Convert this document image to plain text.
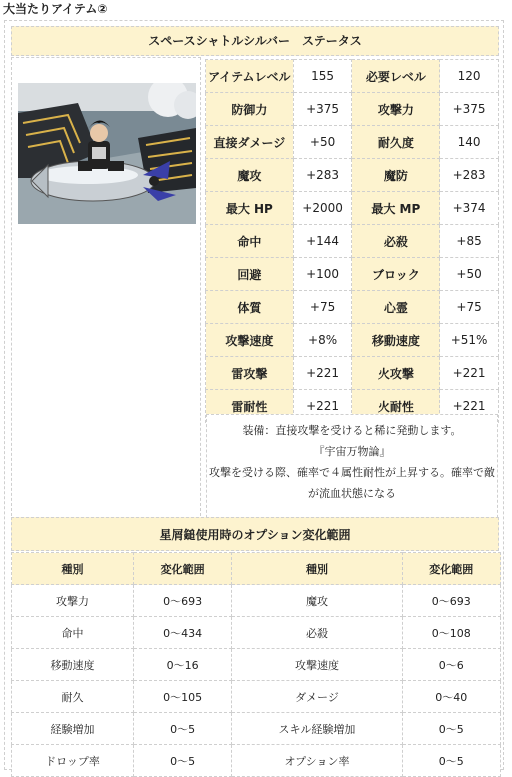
大当たりアイテム②
スペースシャトルシルバー　ステータス
アイテムレベル	155	必要レベル	120
防御力	+375	攻撃力	+375
直接ダメージ	+50	耐久度	140
魔攻	+283	魔防	+283
最大 HP	+2000	最大 MP	+374
命中	+144	必殺	+85
回避	+100	ブロック	+50
体質	+75	心霊	+75
攻撃速度	+8%	移動速度	+51%
雷攻撃	+221	火攻撃	+221
雷耐性	+221	火耐性	+221
装備：直接攻撃を受けると稀に発動します。
『宇宙万物論』
攻撃を受ける際、確率で４属性耐性が上昇する。確率で敵
が流血状態になる
星屑鎚使用時のオプション変化範囲
種別	変化範囲	種別	変化範囲
攻撃力	0～693	魔攻	0～693
命中	0～434	必殺	0～108
移動速度	0～16	攻撃速度	0～6
耐久	0～105	ダメージ	0～40
経験増加	0～5	スキル経験増加	0～5
ドロップ率	0～5	オプション率	0～5
